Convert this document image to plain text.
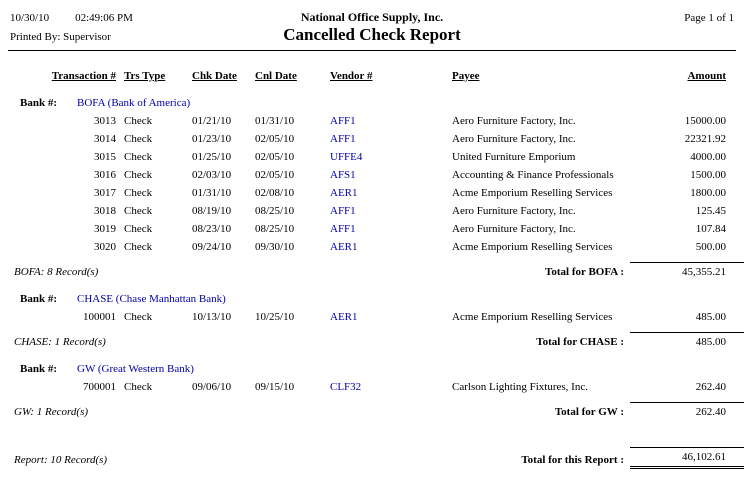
10/30/10 02:49:06 PM	National Office Supply, Inc.	Page 1 of 1
Printed By: Supervisor	Cancelled Check Report
Transaction # Trs Type	Chk Date	Cnl Date	Vendor #	Payee	Amount
Bank #: BOFA (Bank of America)
3013 Check	01/21/10	01/31/10	AFF1	Aero Furniture Factory, Inc.	15000.00
3014 Check	01/23/10	02/05/10	AFF1	Aero Furniture Factory, Inc.	22321.92
3015 Check	01/25/10	02/05/10	UFFE4	United Furniture Emporium	4000.00
3016 Check	02/03/10	02/05/10	AFS1	Accounting & Finance Professionals	1500.00
3017 Check	01/31/10	02/08/10	AER1	Acme Emporium Reselling Services	1800.00
3018 Check	08/19/10	08/25/10	AFF1	Aero Furniture Factory, Inc.	125.45
3019 Check	08/23/10	08/25/10	AFF1	Aero Furniture Factory, Inc.	107.84
3020 Check	09/24/10	09/30/10	AER1	Acme Emporium Reselling Services	500.00
BOFA: 8 Record(s)	Total for BOFA :	45,355.21
Bank #: CHASE (Chase Manhattan Bank)
100001 Check	10/13/10	10/25/10	AER1	Acme Emporium Reselling Services	485.00
CHASE: 1 Record(s)	Total for CHASE :	485.00
Bank #: GW (Great Western Bank)
700001 Check	09/06/10	09/15/10	CLF32	Carlson Lighting Fixtures, Inc.	262.40
GW: 1 Record(s)	Total for GW :	262.40
Report: 10 Record(s)	Total for this Report :	46,102.61
